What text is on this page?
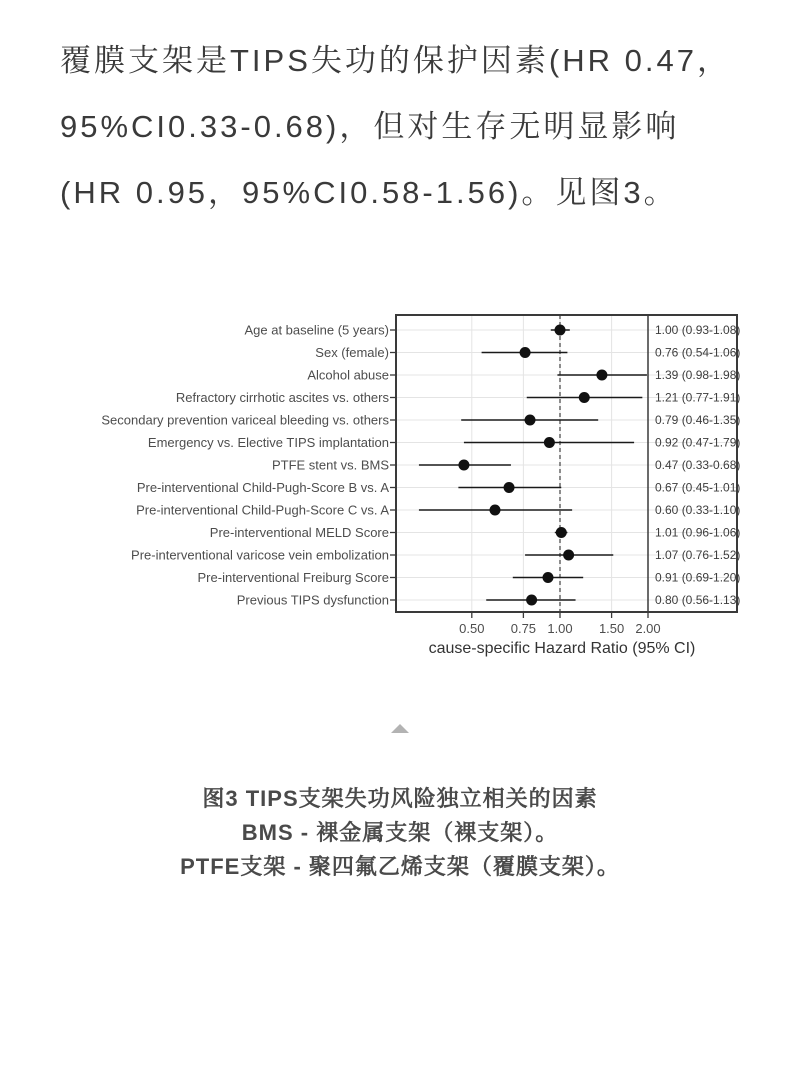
覆膜支架是TIPS失功的保护因素(HR 0.47，
95%CI0.33-0.68)，但对生存无明显影响
(HR 0.95，95%CI0.58-1.56)。见图3。
Age at baseline (5 years)	1.00 (0.93-1.08)
Sex (female)	0.76 (0.54-1.06)
Alcohol abuse	1.39 (0.98-1.98)
Refractory cirrhotic ascites vs. others	1.21 (0.77-1.91)
Secondary prevention variceal bleeding vs. others	0.79 (0.46-1.35)
Emergency vs. Elective TIPS implantation	0.92 (0.47-1.79)
PTFE stent vs. BMS	0.47 (0.33-0.68)
Pre-interventional Child-Pugh-Score B vs. A	0.67 (0.45-1.01)
Pre-interventional Child-Pugh-Score C vs. A	0.60 (0.33-1.10)
Pre-interventional MELD Score	1.01 (0.96-1.06)
Pre-interventional varicose vein embolization	1.07 (0.76-1.52)
Pre-interventional Freiburg Score	0.91 (0.69-1.20)
Previous TIPS dysfunction	0.80 (0.56-1.13)
0.50 0.75 1.00 1.50 2.00
cause-specific Hazard Ratio (95% CI)
图3 TIPS支架失功风险独立相关的因素
BMS - 裸金属支架（裸支架）。
PTFE支架 - 聚四氟乙烯支架（覆膜支架）。
